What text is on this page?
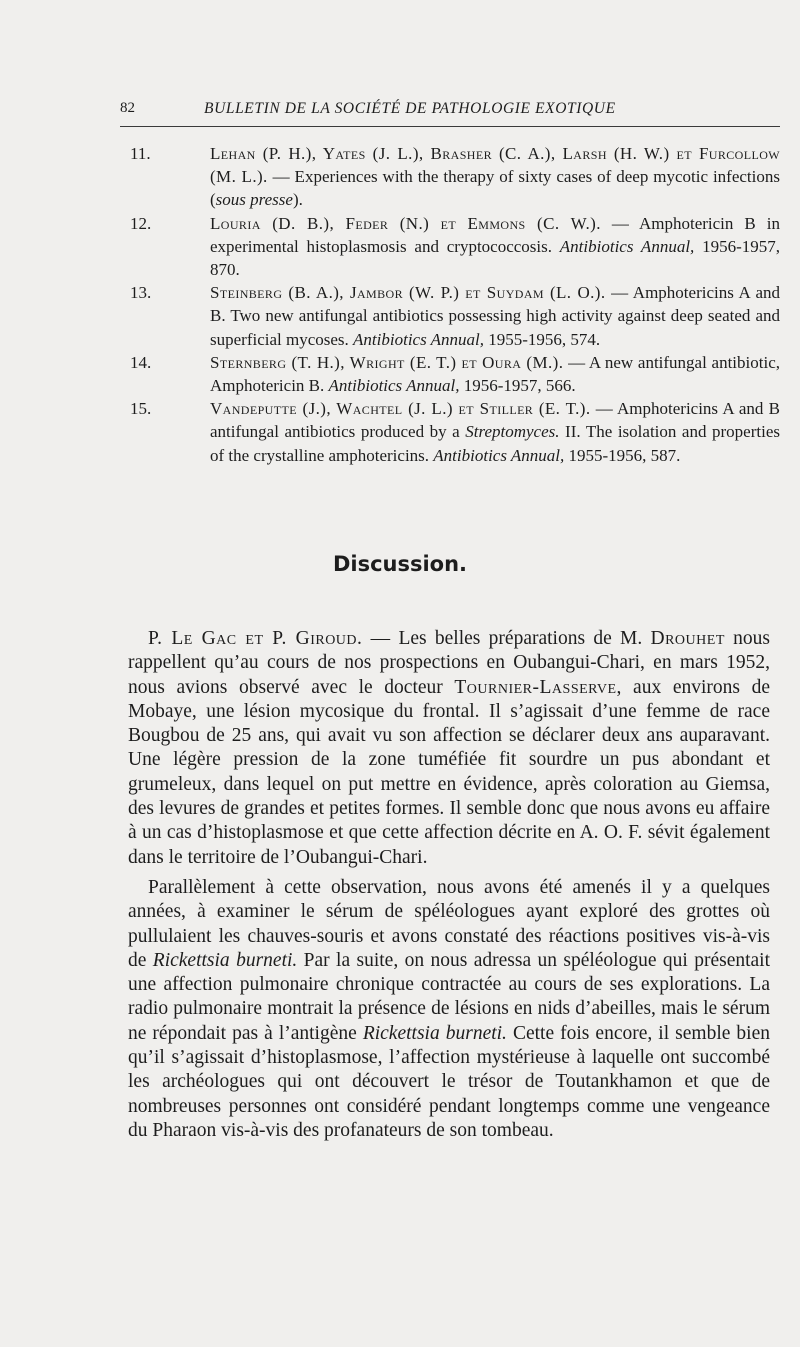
82	BULLETIN DE LA SOCIÉTÉ DE PATHOLOGIE EXOTIQUE
11.	Lehan (P. H.), Yates (J. L.), Brasher (C. A.), Larsh (H. W.) et Furcollow (M. L.). — Experiences with the therapy of sixty cases of deep mycotic infections (sous presse).
12.	Louria (D. B.), Feder (N.) et Emmons (C. W.). — Amphotericin B in experimental histoplasmosis and cryptococcosis. Antibiotics Annual, 1956-1957, 870.
13.	Steinberg (B. A.), Jambor (W. P.) et Suydam (L. O.). — Amphotericins A and B. Two new antifungal antibiotics possessing high activity against deep seated and superficial mycoses. Antibiotics Annual, 1955-1956, 574.
14.	Sternberg (T. H.), Wright (E. T.) et Oura (M.). — A new antifungal antibiotic, Amphotericin B. Antibiotics Annual, 1956-1957, 566.
15.	Vandeputte (J.), Wachtel (J. L.) et Stiller (E. T.). — Amphotericins A and B antifungal antibiotics produced by a Streptomyces. II. The isolation and properties of the crystalline amphotericins. Antibiotics Annual, 1955-1956, 587.
Discussion.

P. Le Gac et P. Giroud. — Les belles préparations de M. Drouhet nous rappellent qu’au cours de nos prospections en Oubangui-Chari, en mars 1952, nous avions observé avec le docteur Tournier-Lasserve, aux environs de Mobaye, une lésion mycosique du frontal. Il s’agissait d’une femme de race Bougbou de 25 ans, qui avait vu son affection se déclarer deux ans auparavant. Une légère pression de la zone tuméfiée fit sourdre un pus abondant et grumeleux, dans lequel on put mettre en évidence, après coloration au Giemsa, des levures de grandes et petites formes. Il semble donc que nous avons eu affaire à un cas d’histoplasmose et que cette affection décrite en A. O. F. sévit également dans le territoire de l’Oubangui-Chari.

Parallèlement à cette observation, nous avons été amenés il y a quelques années, à examiner le sérum de spéléologues ayant exploré des grottes où pullulaient les chauves-souris et avons constaté des réactions positives vis-à-vis de Rickettsia burneti. Par la suite, on nous adressa un spéléologue qui présentait une affection pulmonaire chronique contractée au cours de ses explorations. La radio pulmonaire montrait la présence de lésions en nids d’abeilles, mais le sérum ne répondait pas à l’antigène Rickettsia burneti. Cette fois encore, il semble bien qu’il s’agissait d’histoplasmose, l’affection mystérieuse à laquelle ont succombé les archéologues qui ont découvert le trésor de Toutankhamon et que de nombreuses personnes ont considéré pendant longtemps comme une vengeance du Pharaon vis-à-vis des profanateurs de son tombeau.
